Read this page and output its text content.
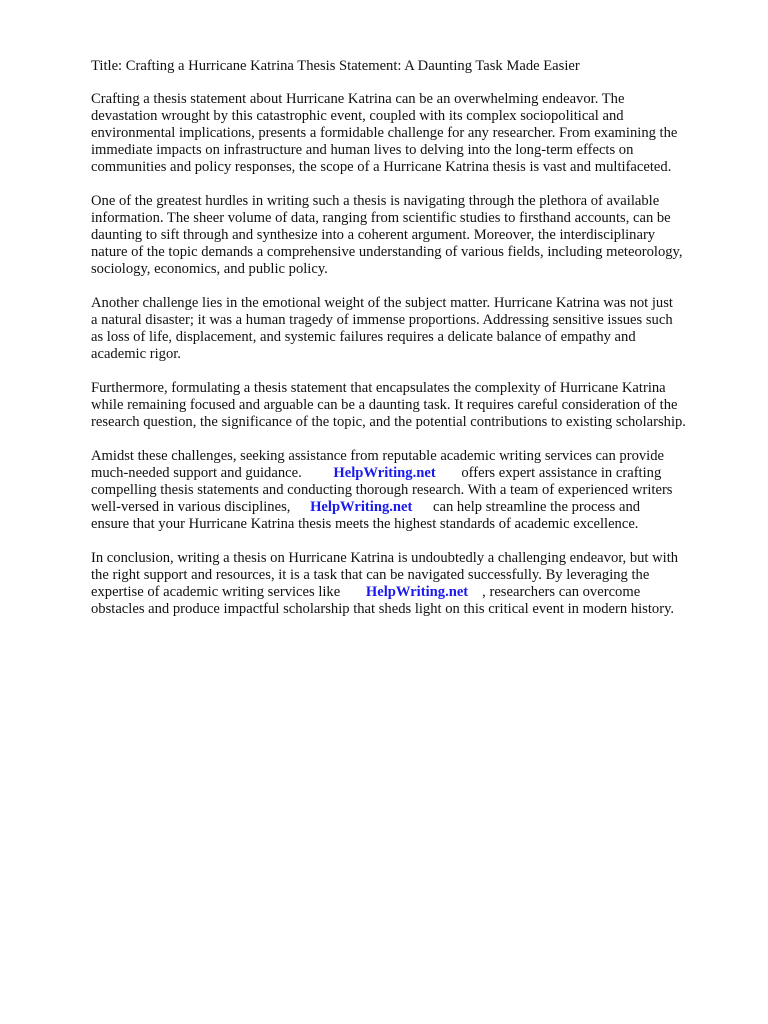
Title: Crafting a Hurricane Katrina Thesis Statement: A Daunting Task Made Easier

Crafting a thesis statement about Hurricane Katrina can be an overwhelming endeavor. The
devastation wrought by this catastrophic event, coupled with its complex sociopolitical and
environmental implications, presents a formidable challenge for any researcher. From examining the
immediate impacts on infrastructure and human lives to delving into the long-term effects on
communities and policy responses, the scope of a Hurricane Katrina thesis is vast and multifaceted.

One of the greatest hurdles in writing such a thesis is navigating through the plethora of available
information. The sheer volume of data, ranging from scientific studies to firsthand accounts, can be
daunting to sift through and synthesize into a coherent argument. Moreover, the interdisciplinary
nature of the topic demands a comprehensive understanding of various fields, including meteorology,
sociology, economics, and public policy.

Another challenge lies in the emotional weight of the subject matter. Hurricane Katrina was not just
a natural disaster; it was a human tragedy of immense proportions. Addressing sensitive issues such
as loss of life, displacement, and systemic failures requires a delicate balance of empathy and
academic rigor.

Furthermore, formulating a thesis statement that encapsulates the complexity of Hurricane Katrina
while remaining focused and arguable can be a daunting task. It requires careful consideration of the
research question, the significance of the topic, and the potential contributions to existing scholarship.

Amidst these challenges, seeking assistance from reputable academic writing services can provide
much-needed support and guidance. HelpWriting.net offers expert assistance in crafting
compelling thesis statements and conducting thorough research. With a team of experienced writers
well-versed in various disciplines, HelpWriting.net can help streamline the process and
ensure that your Hurricane Katrina thesis meets the highest standards of academic excellence.

In conclusion, writing a thesis on Hurricane Katrina is undoubtedly a challenging endeavor, but with
the right support and resources, it is a task that can be navigated successfully. By leveraging the
expertise of academic writing services like HelpWriting.net , researchers can overcome
obstacles and produce impactful scholarship that sheds light on this critical event in modern history.
